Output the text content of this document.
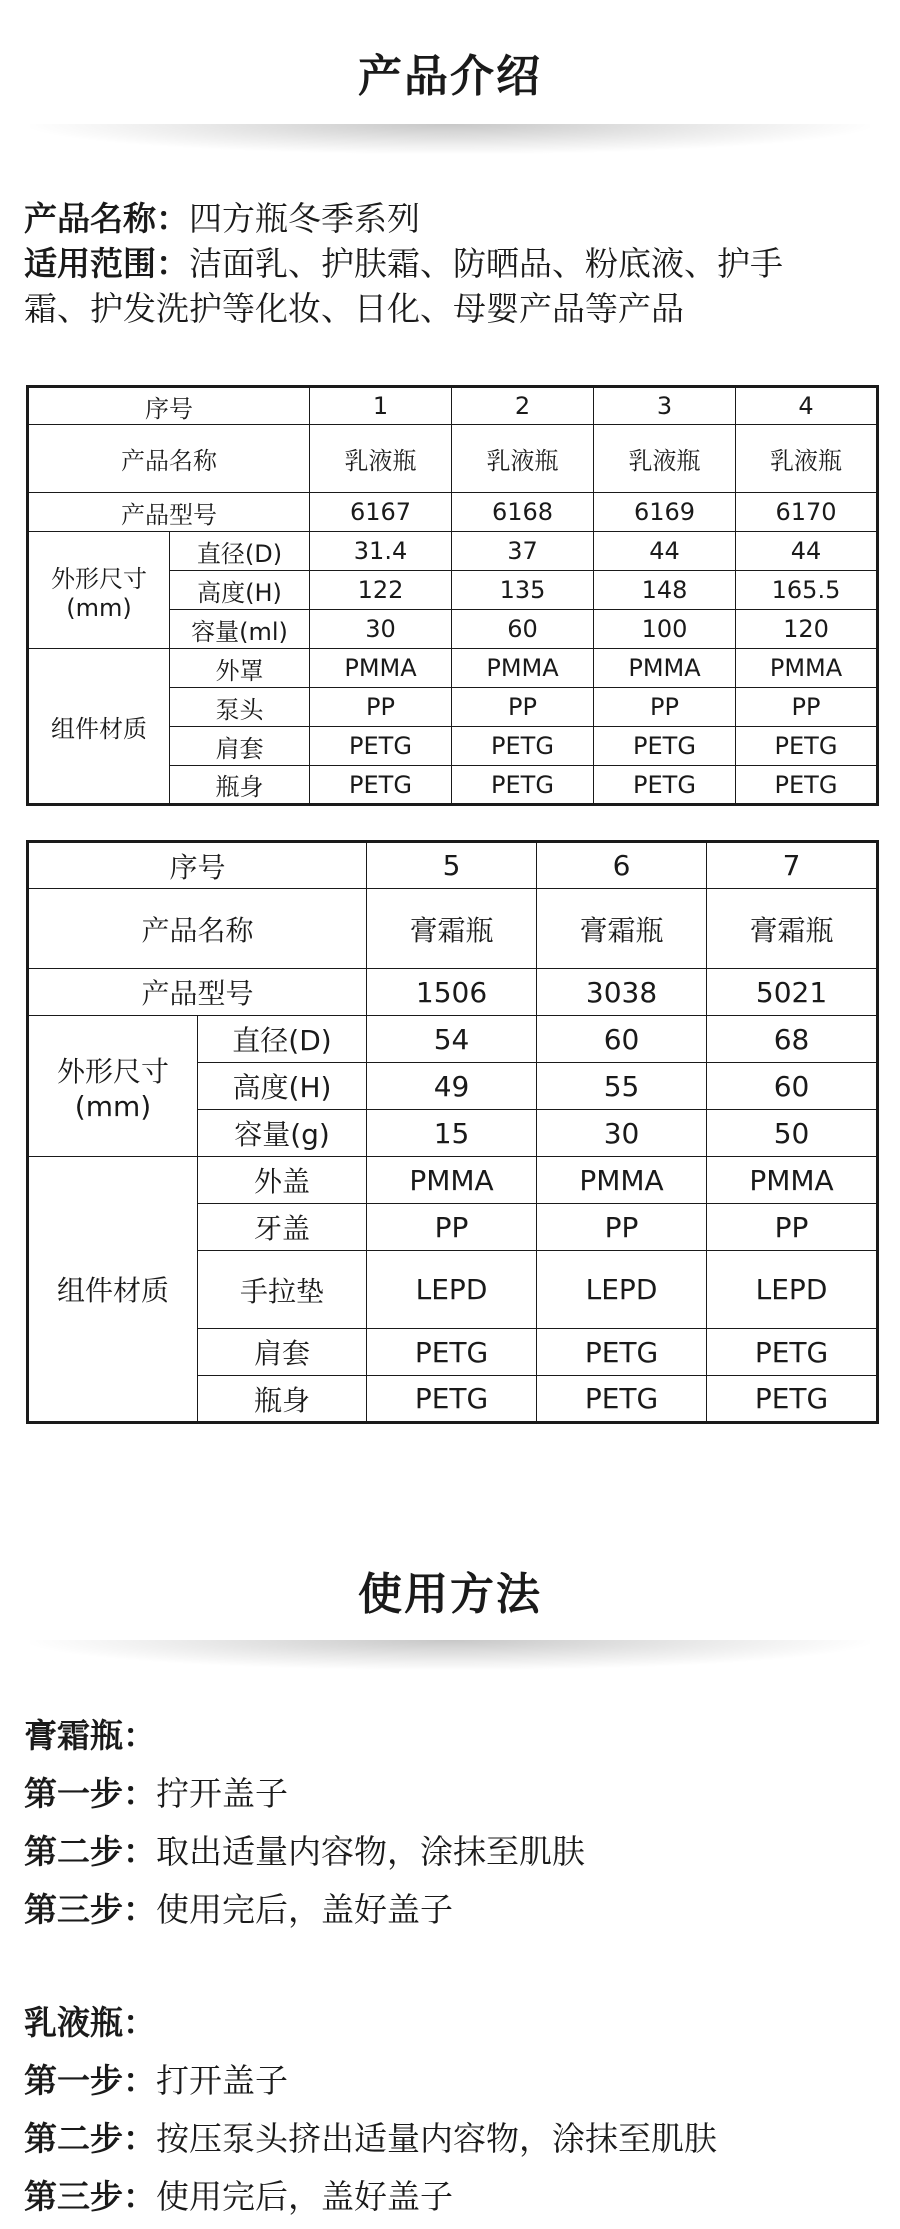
产品介绍
产品名称：四方瓶冬季系列
适用范围：洁面乳、护肤霜、防晒品、粉底液、护手
霜、护发洗护等化妆、日化、母婴产品等产品
序号		1	2	3	4
产品名称		乳液瓶	乳液瓶	乳液瓶	乳液瓶
产品型号		6167	6168	6169	6170

外形尺寸
(mm)	直径(D)	31.4	37	44	44
	高度(H)	122	135	148	165.5
	容量(ml)	30	60	100	120
组件材质	外罩	PMMA	PMMA	PMMA	PMMA
	泵头	PP	PP	PP	PP
	肩套	PETG	PETG	PETG	PETG
	瓶身	PETG	PETG	PETG	PETG
序号		5	6	7
产品名称		膏霜瓶	膏霜瓶	膏霜瓶
产品型号		1506	3038	5021

外形尺寸
(mm)	直径(D)	54	60	68
	高度(H)	49	55	60
	容量(g)	15	30	50
组件材质	外盖	PMMA	PMMA	PMMA
	牙盖	PP	PP	PP
	手拉垫	LEPD	LEPD	LEPD
	肩套	PETG	PETG	PETG
	瓶身	PETG	PETG	PETG
使用方法
膏霜瓶：
第一步：拧开盖子
第二步：取出适量内容物，涂抹至肌肤
第三步：使用完后，盖好盖子
乳液瓶：
第一步：打开盖子
第二步：按压泵头挤出适量内容物，涂抹至肌肤
第三步：使用完后，盖好盖子
